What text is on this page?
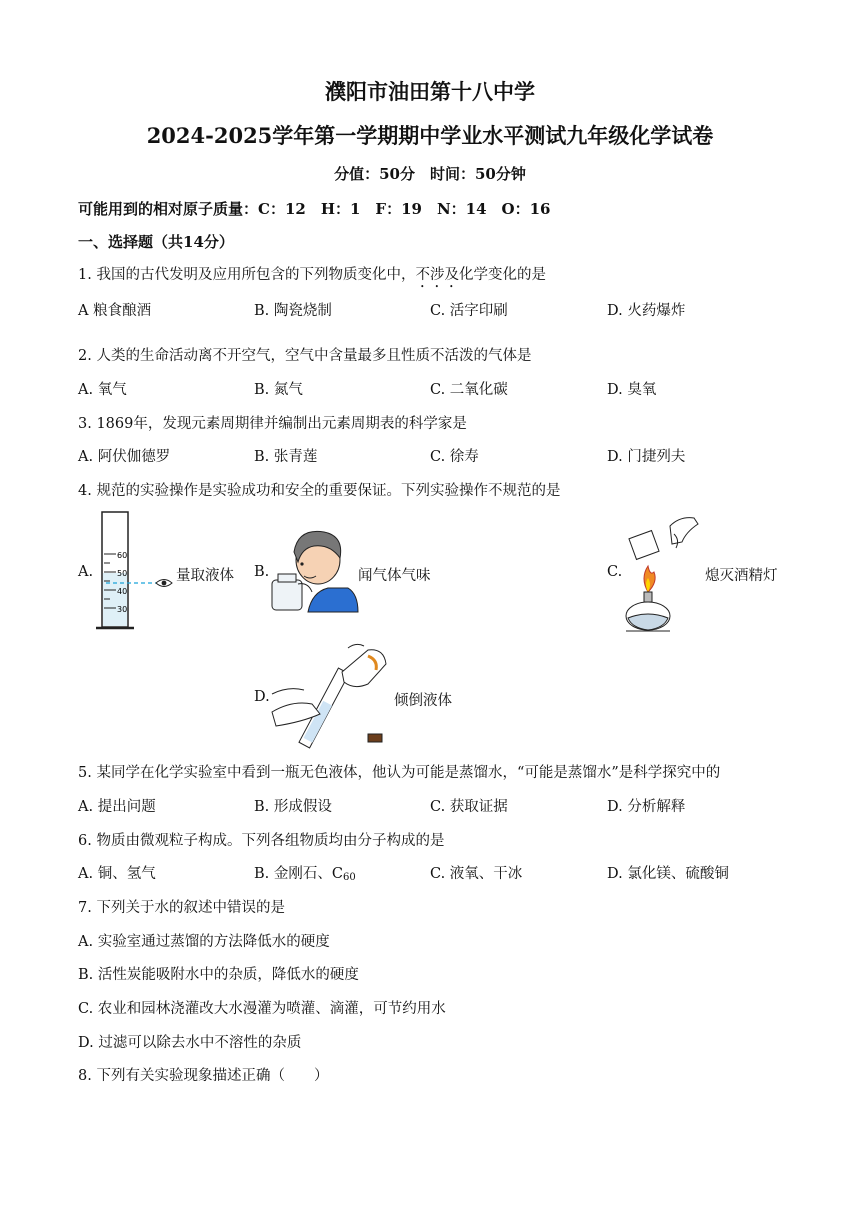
濮阳市油田第十八中学
2024-2025学年第一学期期中学业水平测试九年级化学试卷
分值：50分　时间：50分钟
可能用到的相对原子质量：C：12　H：1　F：19　N：14　O：16
一、选择题（共14分）
1. 我国的古代发明及应用所包含的下列物质变化中，不涉及化学变化的是
A 粮食酿酒	B. 陶瓷烧制	C. 活字印刷	D. 火药爆炸
2. 人类的生命活动离不开空气，空气中含量最多且性质不活泼的气体是
A. 氧气	B. 氮气	C. 二氧化碳	D. 臭氧
3. 1869年，发现元素周期律并编制出元素周期表的科学家是
A. 阿伏伽德罗	B. 张青莲	C. 徐寿	D. 门捷列夫
4. 规范的实验操作是实验成功和安全的重要保证。下列实验操作不规范的是
A.
60
50
40
30
量取液体 B.	闻气体气味	C.	熄灭酒精灯
D.	倾倒液体
5. 某同学在化学实验室中看到一瓶无色液体，他认为可能是蒸馏水，“可能是蒸馏水”是科学探究中的
A. 提出问题	B. 形成假设	C. 获取证据	D. 分析解释
6. 物质由微观粒子构成。下列各组物质均由分子构成的是
A. 铜、氢气	B. 金刚石、$C_{60}$	C. 液氧、干冰	D. 氯化镁、硫酸铜
7. 下列关于水的叙述中错误的是
A. 实验室通过蒸馏的方法降低水的硬度
B. 活性炭能吸附水中的杂质，降低水的硬度
C. 农业和园林浇灌改大水漫灌为喷灌、滴灌，可节约用水
D. 过滤可以除去水中不溶性的杂质
8. 下列有关实验现象描述正确（　　）
